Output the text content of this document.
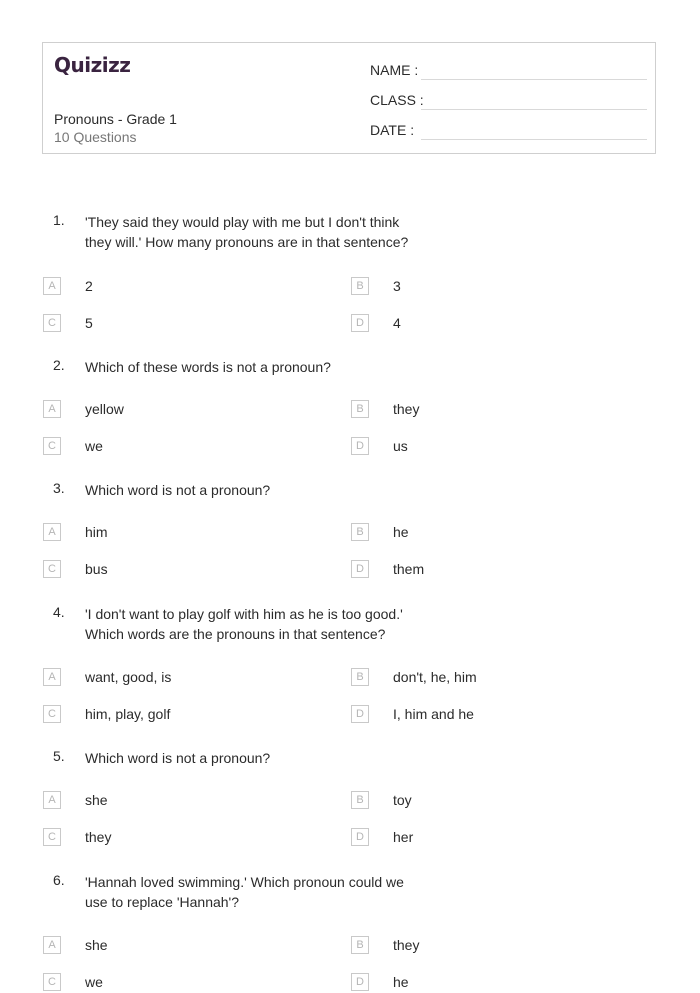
Quizizz
Pronouns - Grade 1
10 Questions
NAME :
CLASS :
DATE :
1. 'They said they would play with me but I don't think
they will.' How many pronouns are in that sentence?
A	2	B	3
C	5	D	4
2. Which of these words is not a pronoun?
A	yellow	B	they
C	we	D	us
3. Which word is not a pronoun?
A	him	B	he
C	bus	D	them
4. 'I don't want to play golf with him as he is too good.'
Which words are the pronouns in that sentence?
A	want, good, is	B	don't, he, him
C	him, play, golf	D	I, him and he
5. Which word is not a pronoun?
A	she	B	toy
C	they	D	her
6. 'Hannah loved swimming.' Which pronoun could we
use to replace 'Hannah'?
A	she	B	they
C	we	D	he
